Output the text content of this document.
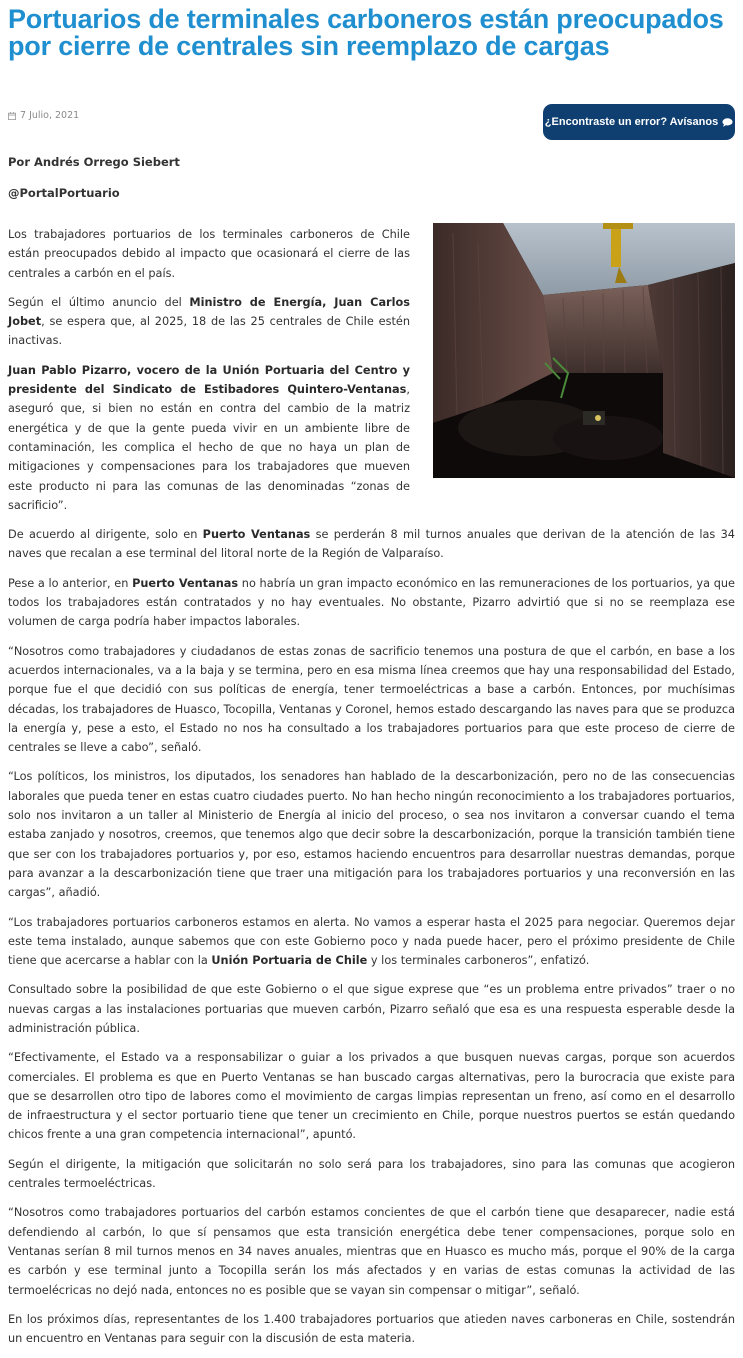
Portuarios de terminales carboneros están preocupados por cierre de centrales sin reemplazo de cargas
7 Julio, 2021
¿Encontraste un error? Avísanos
Por Andrés Orrego Siebert
@PortalPortuario

Los trabajadores portuarios de los terminales carboneros de Chile están preocupados debido al impacto que ocasionará el cierre de las centrales a carbón en el país.

Según el último anuncio del Ministro de Energía, Juan Carlos Jobet, se espera que, al 2025, 18 de las 25 centrales de Chile estén inactivas.

Juan Pablo Pizarro, vocero de la Unión Portuaria del Centro y presidente del Sindicato de Estibadores Quintero-Ventanas, aseguró que, si bien no están en contra del cambio de la matriz energética y de que la gente pueda vivir en un ambiente libre de contaminación, les complica el hecho de que no haya un plan de mitigaciones y compensaciones para los trabajadores que mueven este producto ni para las comunas de las denominadas “zonas de sacrificio”.

De acuerdo al dirigente, solo en Puerto Ventanas se perderán 8 mil turnos anuales que derivan de la atención de las 34 naves que recalan a ese terminal del litoral norte de la Región de Valparaíso.

Pese a lo anterior, en Puerto Ventanas no habría un gran impacto económico en las remuneraciones de los portuarios, ya que todos los trabajadores están contratados y no hay eventuales. No obstante, Pizarro advirtió que si no se reemplaza ese volumen de carga podría haber impactos laborales.

“Nosotros como trabajadores y ciudadanos de estas zonas de sacrificio tenemos una postura de que el carbón, en base a los acuerdos internacionales, va a la baja y se termina, pero en esa misma línea creemos que hay una responsabilidad del Estado, porque fue el que decidió con sus políticas de energía, tener termoeléctricas a base a carbón. Entonces, por muchísimas décadas, los trabajadores de Huasco, Tocopilla, Ventanas y Coronel, hemos estado descargando las naves para que se produzca la energía y, pese a esto, el Estado no nos ha consultado a los trabajadores portuarios para que este proceso de cierre de centrales se lleve a cabo”, señaló.

“Los políticos, los ministros, los diputados, los senadores han hablado de la descarbonización, pero no de las consecuencias laborales que pueda tener en estas cuatro ciudades puerto. No han hecho ningún reconocimiento a los trabajadores portuarios, solo nos invitaron a un taller al Ministerio de Energía al inicio del proceso, o sea nos invitaron a conversar cuando el tema estaba zanjado y nosotros, creemos, que tenemos algo que decir sobre la descarbonización, porque la transición también tiene que ser con los trabajadores portuarios y, por eso, estamos haciendo encuentros para desarrollar nuestras demandas, porque para avanzar a la descarbonización tiene que traer una mitigación para los trabajadores portuarios y una reconversión en las cargas”, añadió.

“Los trabajadores portuarios carboneros estamos en alerta. No vamos a esperar hasta el 2025 para negociar. Queremos dejar este tema instalado, aunque sabemos que con este Gobierno poco y nada puede hacer, pero el próximo presidente de Chile tiene que acercarse a hablar con la Unión Portuaria de Chile y los terminales carboneros”, enfatizó.

Consultado sobre la posibilidad de que este Gobierno o el que sigue exprese que “es un problema entre privados” traer o no nuevas cargas a las instalaciones portuarias que mueven carbón, Pizarro señaló que esa es una respuesta esperable desde la administración pública.

“Efectivamente, el Estado va a responsabilizar o guiar a los privados a que busquen nuevas cargas, porque son acuerdos comerciales. El problema es que en Puerto Ventanas se han buscado cargas alternativas, pero la burocracia que existe para que se desarrollen otro tipo de labores como el movimiento de cargas limpias representan un freno, así como en el desarrollo de infraestructura y el sector portuario tiene que tener un crecimiento en Chile, porque nuestros puertos se están quedando chicos frente a una gran competencia internacional”, apuntó.

Según el dirigente, la mitigación que solicitarán no solo será para los trabajadores, sino para las comunas que acogieron centrales termoeléctricas.

“Nosotros como trabajadores portuarios del carbón estamos concientes de que el carbón tiene que desaparecer, nadie está defendiendo al carbón, lo que sí pensamos que esta transición energética debe tener compensaciones, porque solo en Ventanas serían 8 mil turnos menos en 34 naves anuales, mientras que en Huasco es mucho más, porque el 90% de la carga es carbón y ese terminal junto a Tocopilla serán los más afectados y en varias de estas comunas la actividad de las termoelécricas no dejó nada, entonces no es posible que se vayan sin compensar o mitigar”, señaló.

En los próximos días, representantes de los 1.400 trabajadores portuarios que atieden naves carboneras en Chile, sostendrán un encuentro en Ventanas para seguir con la discusión de esta materia.
